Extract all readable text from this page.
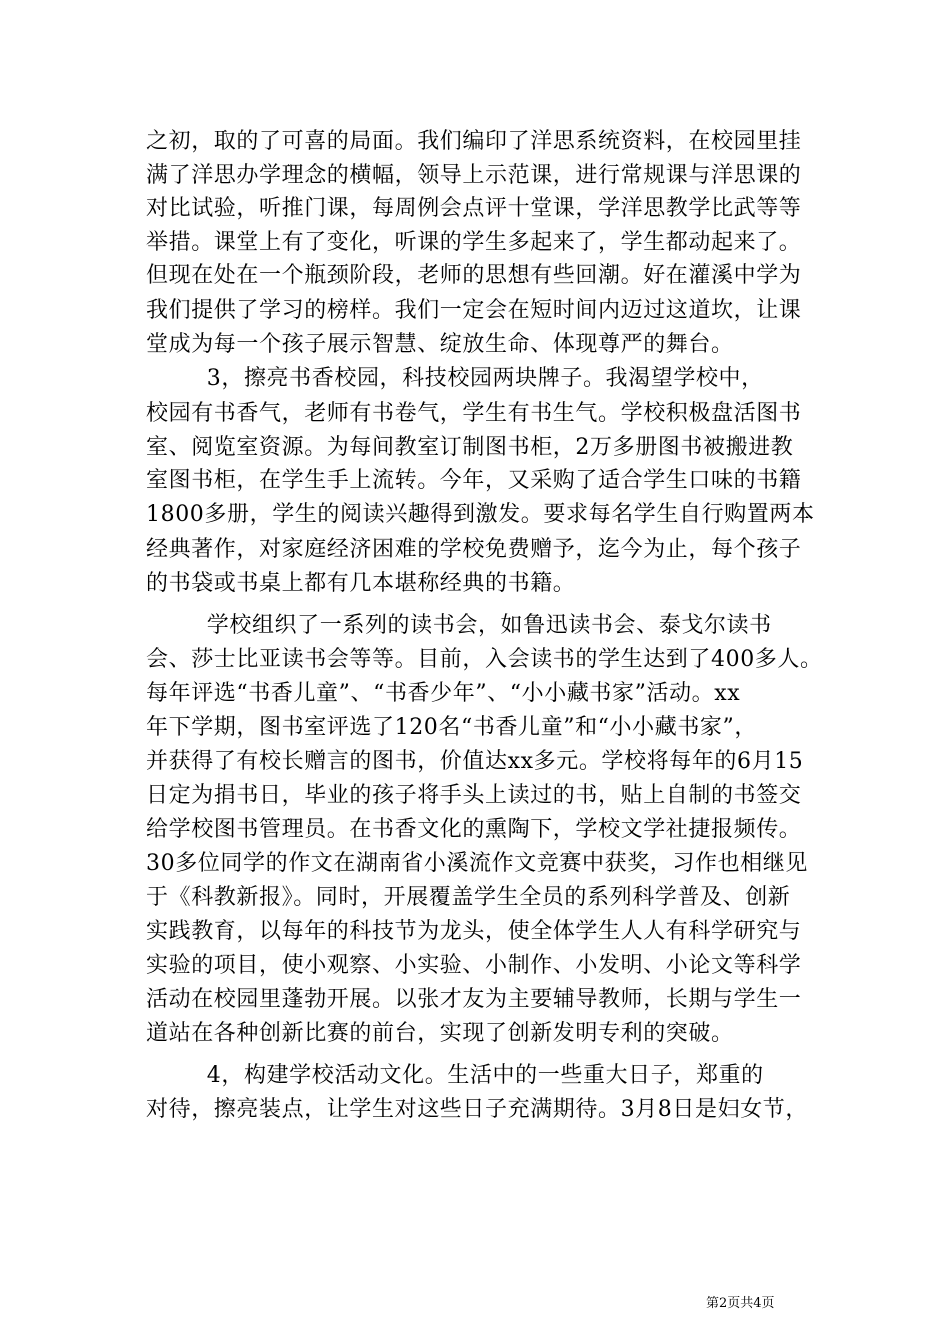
之初，取的了可喜的局面。我们编印了洋思系统资料，在校园里挂
满了洋思办学理念的横幅，领导上示范课，进行常规课与洋思课的
对比试验，听推门课，每周例会点评十堂课，学洋思教学比武等等
举措。课堂上有了变化，听课的学生多起来了，学生都动起来了。
但现在处在一个瓶颈阶段，老师的思想有些回潮。好在灌溪中学为
我们提供了学习的榜样。我们一定会在短时间内迈过这道坎，让课
堂成为每一个孩子展示智慧、绽放生命、体现尊严的舞台。
3，擦亮书香校园，科技校园两块牌子。我渴望学校中，
校园有书香气，老师有书卷气，学生有书生气。学校积极盘活图书
室、阅览室资源。为每间教室订制图书柜，2万多册图书被搬进教
室图书柜，在学生手上流转。今年，又采购了适合学生口味的书籍
1800多册，学生的阅读兴趣得到激发。要求每名学生自行购置两本
经典著作，对家庭经济困难的学校免费赠予，迄今为止，每个孩子
的书袋或书桌上都有几本堪称经典的书籍。
学校组织了一系列的读书会，如鲁迅读书会、泰戈尔读书
会、莎士比亚读书会等等。目前，入会读书的学生达到了400多人。
每年评选“书香儿童”、“书香少年”、“小小藏书家”活动。xx
年下学期，图书室评选了120名“书香儿童”和“小小藏书家”，
并获得了有校长赠言的图书，价值达xx多元。学校将每年的6月15
日定为捐书日，毕业的孩子将手头上读过的书，贴上自制的书签交
给学校图书管理员。在书香文化的熏陶下，学校文学社捷报频传。
30多位同学的作文在湖南省小溪流作文竞赛中获奖，习作也相继见
于《科教新报》。同时，开展覆盖学生全员的系列科学普及、创新
实践教育，以每年的科技节为龙头，使全体学生人人有科学研究与
实验的项目，使小观察、小实验、小制作、小发明、小论文等科学
活动在校园里蓬勃开展。以张才友为主要辅导教师，长期与学生一
道站在各种创新比赛的前台，实现了创新发明专利的突破。
4，构建学校活动文化。生活中的一些重大日子，郑重的
对待，擦亮装点，让学生对这些日子充满期待。3月8日是妇女节，
第2页共4页
